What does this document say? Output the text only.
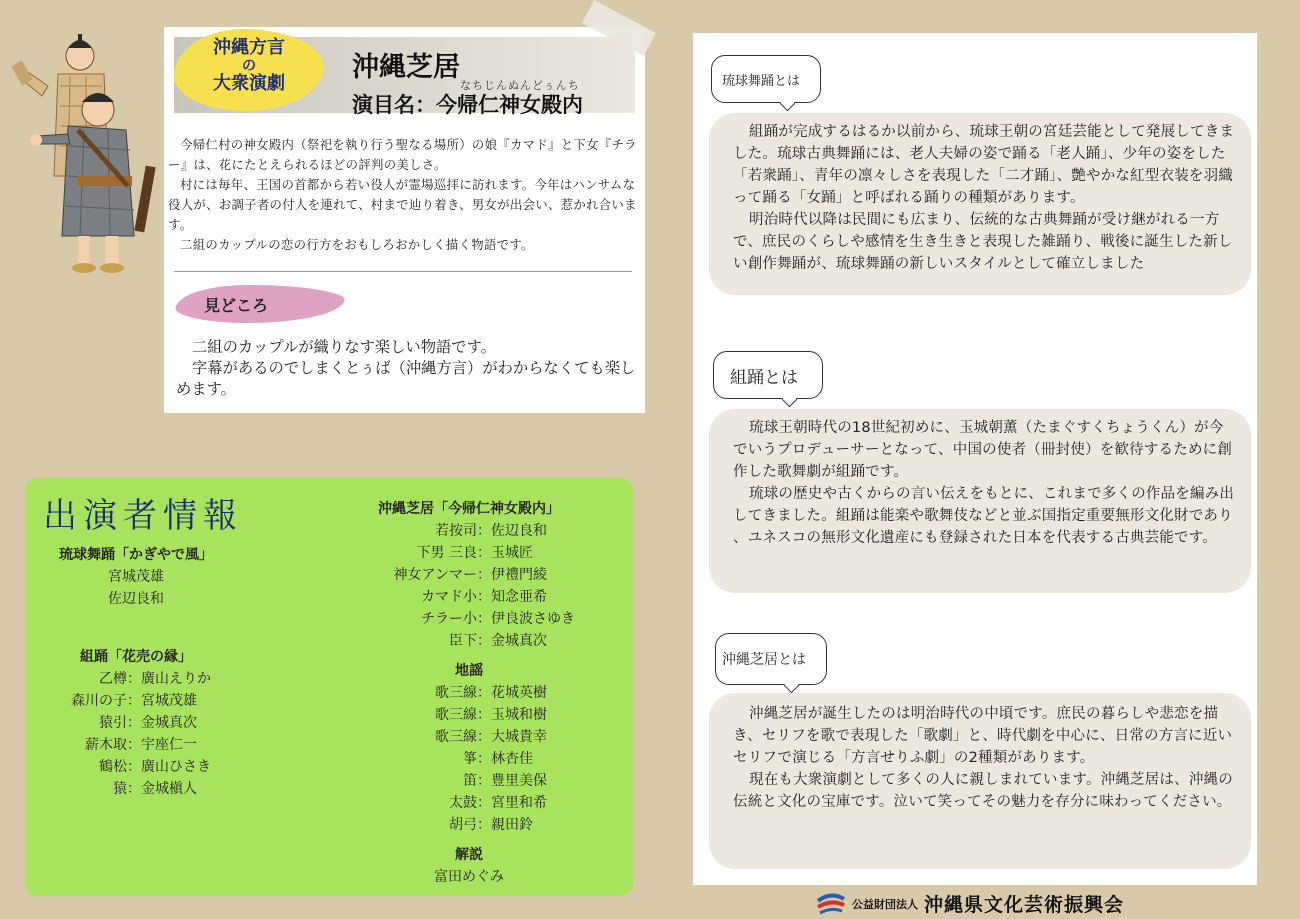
沖縄方言
の
大衆演劇
沖縄芝居
なちじんぬんどぅんち
演目名：今帰仁神女殿内

今帰仁村の神女殿内（祭祀を執り行う聖なる場所）の娘『カマド』と下女『チラー』は、花にたとえられるほどの評判の美しさ。

村には毎年、王国の首都から若い役人が霊場巡拝に訪れます。今年はハンサムな役人が、お調子者の付人を連れて、村まで辿り着き、男女が出会い、惹かれ合います。

二組のカップルの恋の行方をおもしろおかしく描く物語です。

見どころ

二組のカップルが織りなす楽しい物語です。

字幕があるのでしまくとぅば（沖縄方言）がわからなくても楽しめます。

出演者情報
琉球舞踊「かぎやで風」
宮城茂雄
佐辺良和
組踊「花売の縁」
乙樽 ： 廣山えりか
森川の子 ： 宮城茂雄
猿引 ： 金城真次
薪木取 ： 宇座仁一
鶴松 ： 廣山ひさき
猿 ： 金城槇人
沖縄芝居「今帰仁神女殿内」
若按司 ： 佐辺良和
下男 三良 ： 玉城匠
神女アンマー ： 伊禮門綾
カマド小 ： 知念亜希
チラー小 ： 伊良波さゆき
臣下 ： 金城真次
地謡
歌三線 ： 花城英樹
歌三線 ： 玉城和樹
歌三線 ： 大城貴幸
箏 ： 林杏佳
笛 ： 豊里美保
太鼓 ： 宮里和希
胡弓 ： 親田鈴
解説
富田めぐみ
琉球舞踊とは

組踊が完成するはるか以前から、琉球王朝の宮廷芸能として発展してきました。琉球古典舞踊には、老人夫婦の姿で踊る「老人踊」、少年の姿をした「若衆踊」、青年の凛々しさを表現した「二才踊」、艶やかな紅型衣装を羽織って踊る「女踊」と呼ばれる踊りの種類があります。

明治時代以降は民間にも広まり、伝統的な古典舞踊が受け継がれる一方で、庶民のくらしや感情を生き生きと表現した雑踊り、戦後に誕生した新しい創作舞踊が、琉球舞踊の新しいスタイルとして確立しました

組踊とは

琉球王朝時代の18世紀初めに、玉城朝薫（たまぐすくちょうくん）が今でいうプロデューサーとなって、中国の使者（冊封使）を歓待するために創作した歌舞劇が組踊です。

琉球の歴史や古くからの言い伝えをもとに、これまで多くの作品を編み出してきました。組踊は能楽や歌舞伎などと並ぶ国指定重要無形文化財であり 、ユネスコの無形文化遺産にも登録された日本を代表する古典芸能です。

沖縄芝居とは

沖縄芝居が誕生したのは明治時代の中頃です。庶民の暮らしや悲恋を描き、セリフを歌で表現した「歌劇」と、時代劇を中心に、日常の方言に近いセリフで演じる「方言せりふ劇」の2種類があります。

現在も大衆演劇として多くの人に親しまれています。沖縄芝居は、沖縄の伝統と文化の宝庫です。泣いて笑ってその魅力を存分に味わってください。

公益財団法人 沖縄県文化芸術振興会
